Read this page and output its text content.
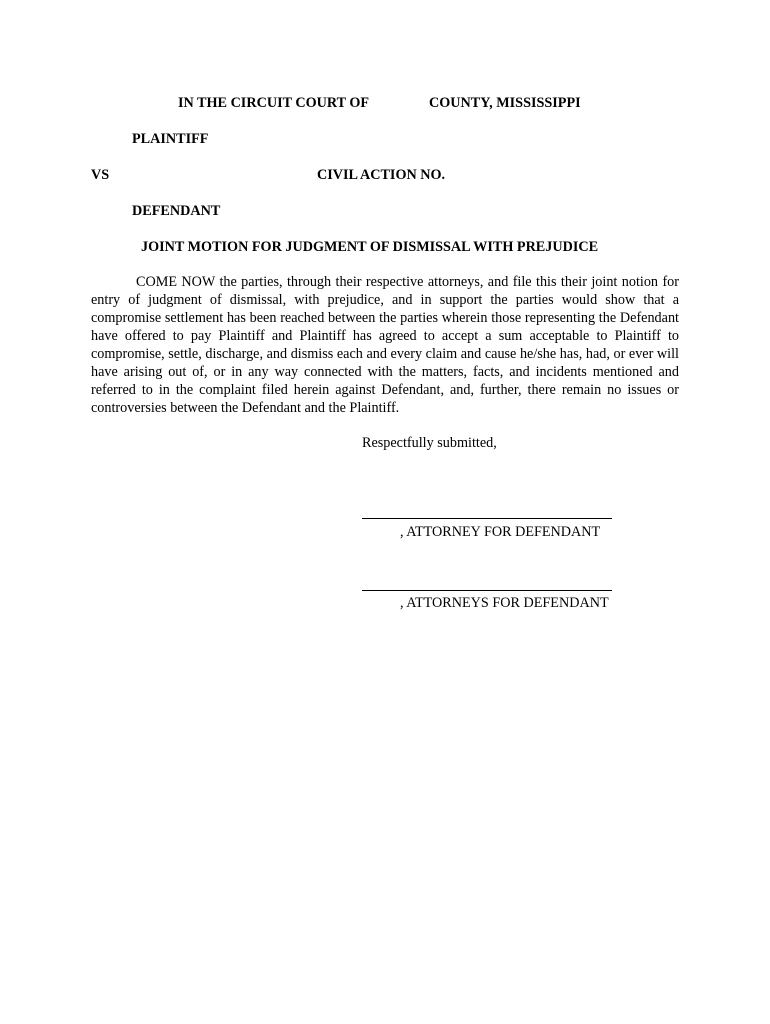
IN THE CIRCUIT COURT OF	COUNTY, MISSISSIPPI
PLAINTIFF
VS	CIVIL ACTION NO.
DEFENDANT
JOINT MOTION FOR JUDGMENT OF DISMISSAL WITH PREJUDICE
COME NOW the parties, through their respective attorneys, and file this their joint notion for entry of judgment of dismissal, with prejudice, and in support the parties would show that a compromise settlement has been reached between the parties wherein those representing the Defendant have offered to pay Plaintiff and Plaintiff has agreed to accept a sum acceptable to Plaintiff to compromise, settle, discharge, and dismiss each and every claim and cause he/she has, had, or ever will have arising out of, or in any way connected with the matters, facts, and incidents mentioned and referred to in the complaint filed herein against Defendant, and, further, there remain no issues or controversies between the Defendant and the Plaintiff.
Respectfully submitted,
, ATTORNEY FOR DEFENDANT
, ATTORNEYS FOR DEFENDANT
